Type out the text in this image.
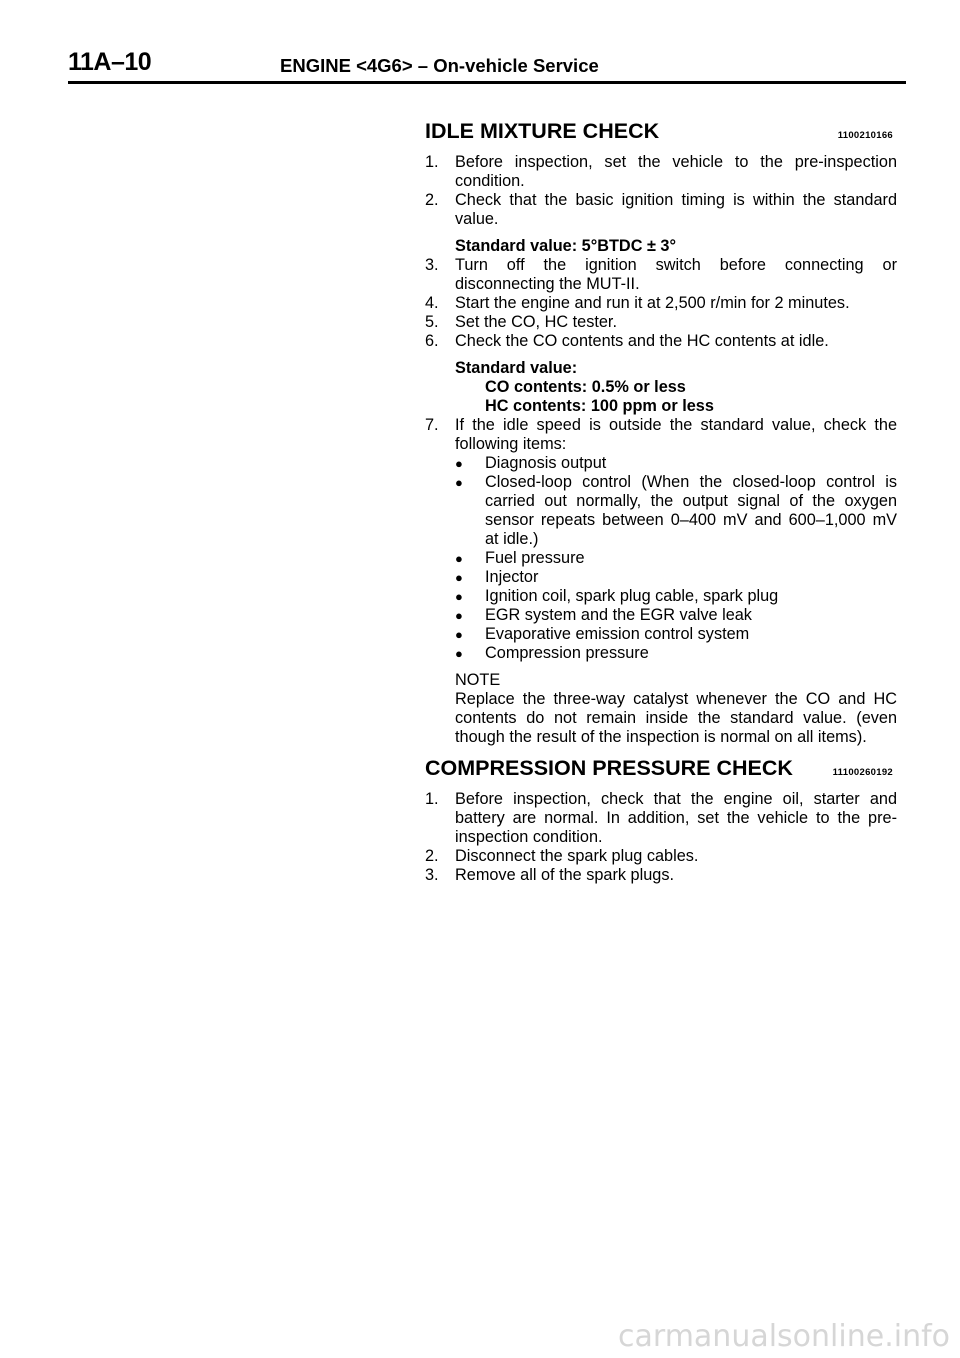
11A–10	ENGINE <4G6> – On-vehicle Service
IDLE MIXTURE CHECK	1100210166
1.	Before inspection, set the vehicle to the pre-inspection condition.
2.	Check that the basic ignition timing is within the standard value.
Standard value: 5°BTDC ± 3°
3.	Turn off the ignition switch before connecting or disconnecting the MUT-II.
4.	Start the engine and run it at 2,500 r/min for 2 minutes.
5.	Set the CO, HC tester.
6.	Check the CO contents and the HC contents at idle.
Standard value:
CO contents: 0.5% or less
HC contents: 100 ppm or less
7.	If the idle speed is outside the standard value, check the following items:
●	Diagnosis output
●	Closed-loop control (When the closed-loop control is carried out normally, the output signal of the oxygen sensor repeats between 0–400 mV and 600–1,000 mV at idle.)
●	Fuel pressure
●	Injector
●	Ignition coil, spark plug cable, spark plug
●	EGR system and the EGR valve leak
●	Evaporative emission control system
●	Compression pressure
NOTE
Replace the three-way catalyst whenever the CO and HC contents do not remain inside the standard value. (even though the result of the inspection is normal on all items).
COMPRESSION PRESSURE CHECK	11100260192
1.	Before inspection, check that the engine oil, starter and battery are normal. In addition, set the vehicle to the pre-inspection condition.
2.	Disconnect the spark plug cables.
3.	Remove all of the spark plugs.
carmanualsonline.info
